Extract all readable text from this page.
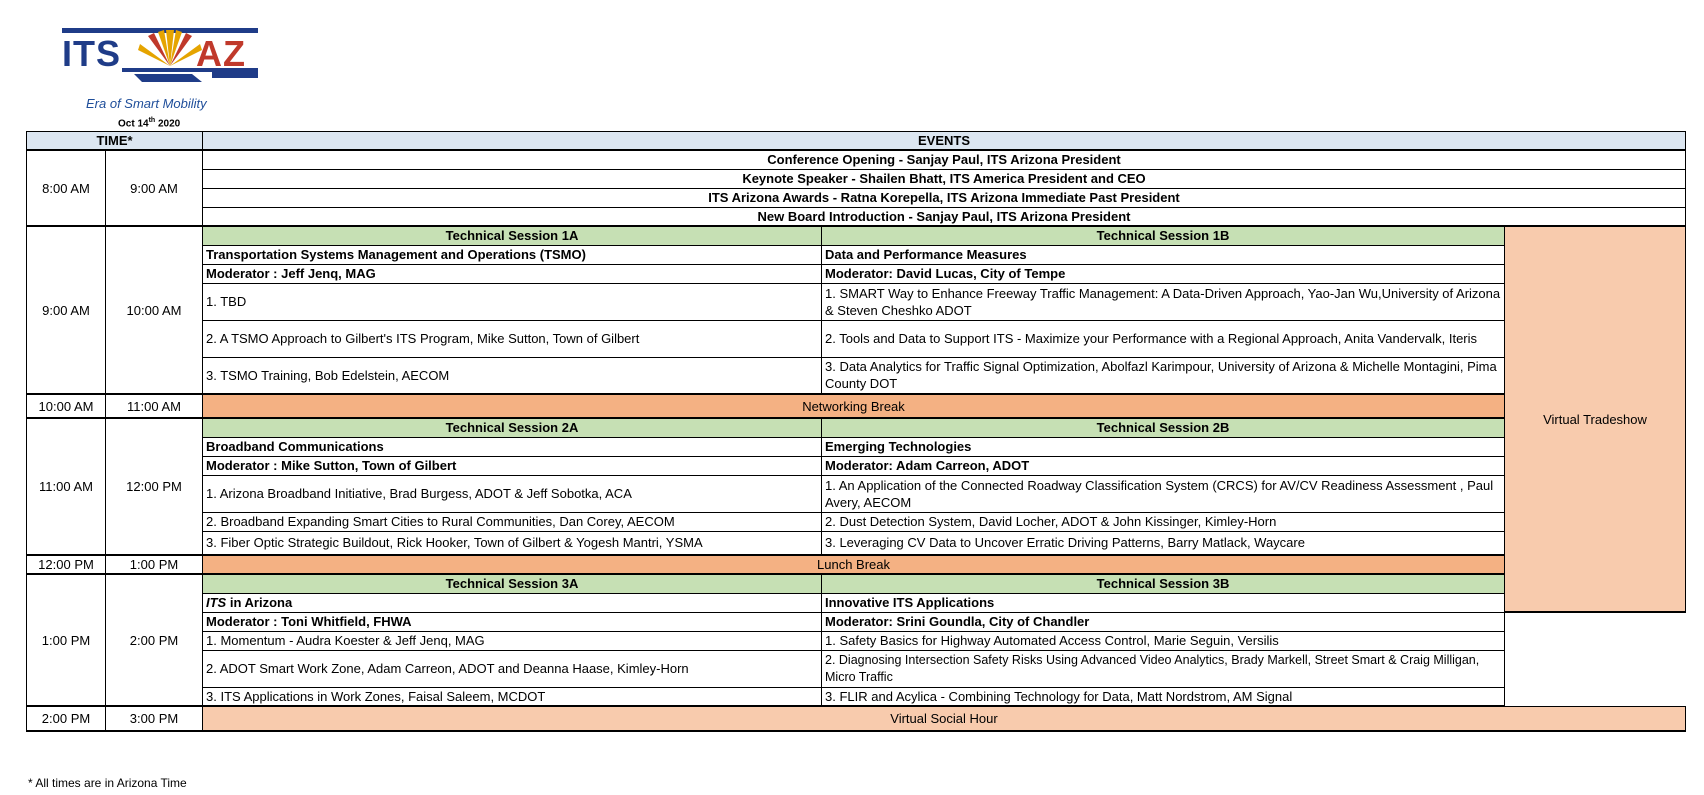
ITS AZ
Era of Smart Mobility
Oct 14th 2020
TIME*		EVENTS		
8:00 AM	9:00 AM	Conference Opening - Sanjay Paul, ITS Arizona President		
		Keynote Speaker - Shailen Bhatt, ITS America President and CEO		
		ITS Arizona Awards - Ratna Korepella, ITS Arizona Immediate Past President		
		New Board Introduction - Sanjay Paul, ITS Arizona President		
9:00 AM	10:00 AM	Technical Session 1A	Technical Session 1B	Virtual Tradeshow
		Transportation Systems Management and Operations (TSMO)	Data and Performance Measures	
		Moderator : Jeff Jenq, MAG	Moderator: David Lucas, City of Tempe	
		1. TBD	1. SMART Way to Enhance Freeway Traffic Management: A Data-Driven Approach, Yao-Jan Wu,University of Arizona & Steven Cheshko ADOT	
		2. A TSMO Approach to Gilbert's ITS Program, Mike Sutton, Town of Gilbert	2. Tools and Data to Support ITS - Maximize your Performance with a Regional Approach, Anita Vandervalk, Iteris	
		3. TSMO Training, Bob Edelstein, AECOM	3. Data Analytics for Traffic Signal Optimization, Abolfazl Karimpour, University of Arizona & Michelle Montagini, Pima County DOT	
10:00 AM	11:00 AM	Networking Break		
11:00 AM	12:00 PM	Technical Session 2A	Technical Session 2B	
		Broadband Communications	Emerging Technologies	
		Moderator : Mike Sutton, Town of Gilbert	Moderator: Adam Carreon, ADOT	
		1. Arizona Broadband Initiative, Brad Burgess, ADOT & Jeff Sobotka, ACA	1. An Application of the Connected Roadway Classification System (CRCS) for AV/CV Readiness Assessment , Paul Avery, AECOM	
		2. Broadband Expanding Smart Cities to Rural Communities, Dan Corey, AECOM	2. Dust Detection System, David Locher, ADOT & John Kissinger, Kimley-Horn	
		3. Fiber Optic Strategic Buildout, Rick Hooker, Town of Gilbert & Yogesh Mantri, YSMA	3. Leveraging CV Data to Uncover Erratic Driving Patterns, Barry Matlack, Waycare	
12:00 PM	1:00 PM	Lunch Break		
1:00 PM	2:00 PM	Technical Session 3A	Technical Session 3B	
		ITS in Arizona	Innovative ITS Applications	
		Moderator : Toni Whitfield, FHWA	Moderator: Srini Goundla, City of Chandler	
		1. Momentum - Audra Koester & Jeff Jenq, MAG	1. Safety Basics for Highway Automated Access Control, Marie Seguin, Versilis	
		2. ADOT Smart Work Zone, Adam Carreon, ADOT and Deanna Haase, Kimley-Horn	2. Diagnosing Intersection Safety Risks Using Advanced Video Analytics, Brady Markell, Street Smart & Craig Milligan, Micro Traffic	
		3. ITS Applications in Work Zones, Faisal Saleem, MCDOT	3. FLIR and Acylica - Combining Technology for Data, Matt Nordstrom, AM Signal	
2:00 PM	3:00 PM	Virtual Social Hour		
* All times are in Arizona Time
